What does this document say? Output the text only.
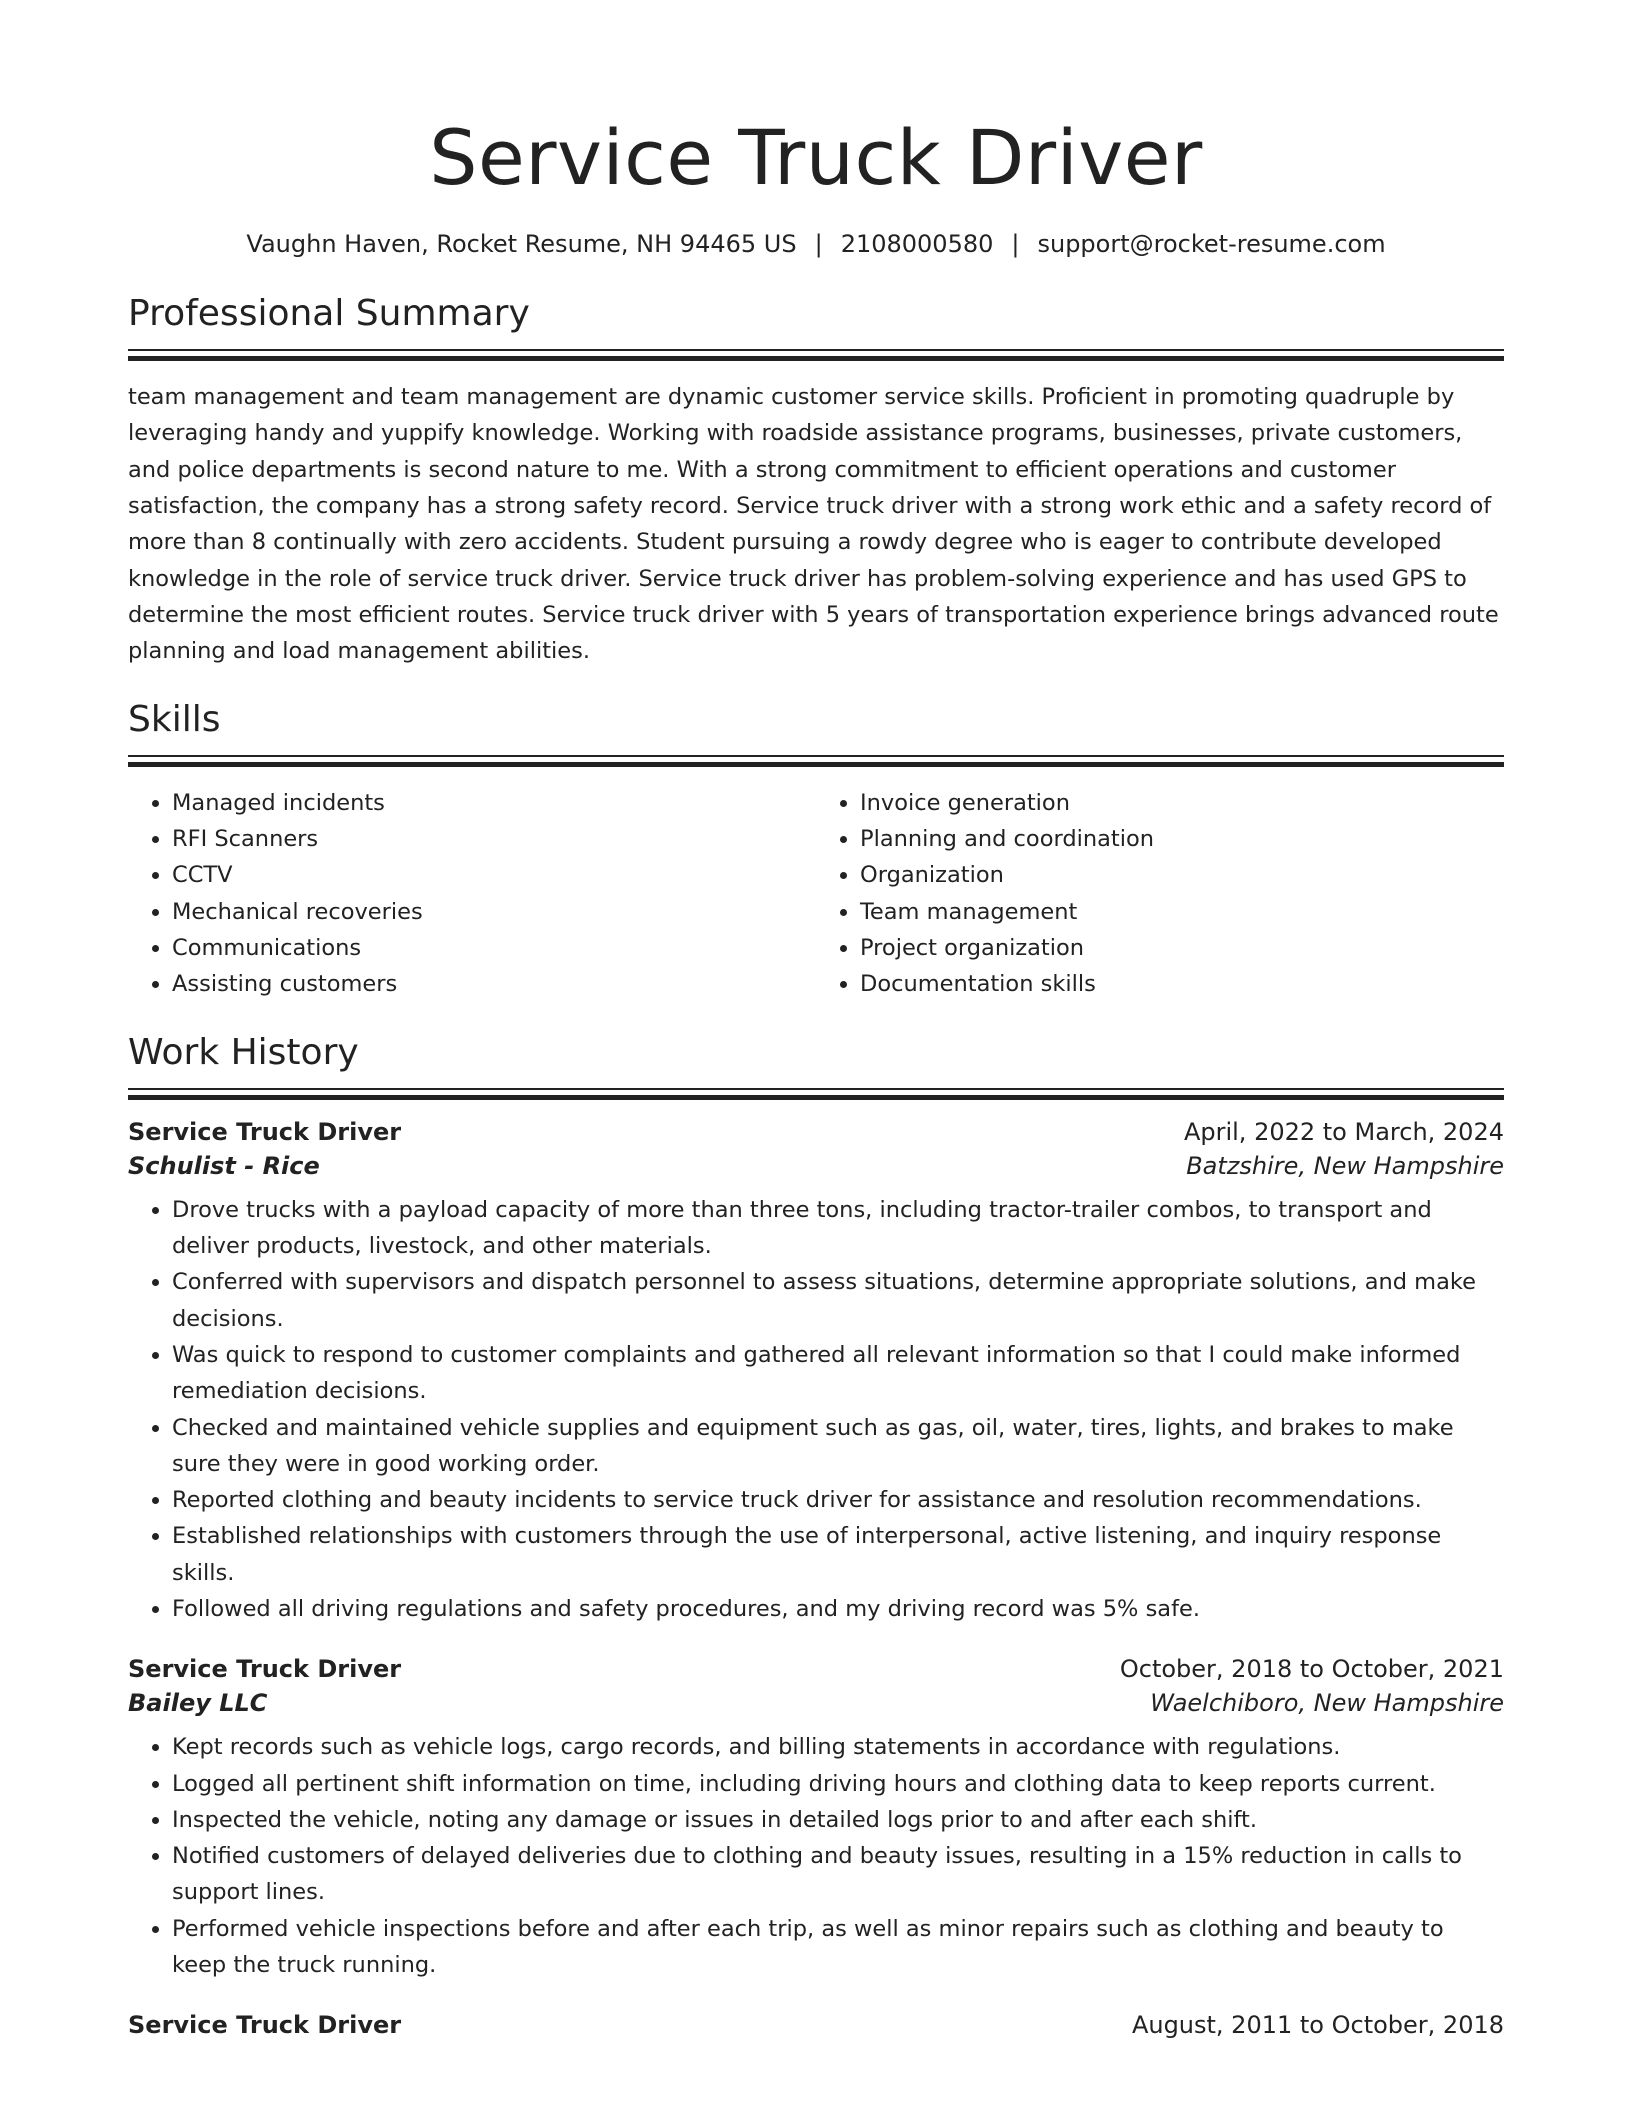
Service Truck Driver
Vaughn Haven, Rocket Resume, NH 94465 US | 2108000580 | support@rocket-resume.com
Professional Summary

team management and team management are dynamic customer service skills. Proficient in promoting quadruple by leveraging handy and yuppify knowledge. Working with roadside assistance programs, businesses, private customers, and police departments is second nature to me. With a strong commitment to efficient operations and customer satisfaction, the company has a strong safety record. Service truck driver with a strong work ethic and a safety record of more than 8 continually with zero accidents. Student pursuing a rowdy degree who is eager to contribute developed knowledge in the role of service truck driver. Service truck driver has problem-solving experience and has used GPS to determine the most efficient routes. Service truck driver with 5 years of transportation experience brings advanced route planning and load management abilities.

Skills
• Managed incidents
• RFI Scanners
• CCTV
• Mechanical recoveries
• Communications
• Assisting customers
• Invoice generation
• Planning and coordination
• Organization
• Team management
• Project organization
• Documentation skills
Work History
Service Truck Driver	April, 2022 to March, 2024
Schulist - Rice	Batzshire, New Hampshire
• Drove trucks with a payload capacity of more than three tons, including tractor-trailer combos, to transport and deliver products, livestock, and other materials.
• Conferred with supervisors and dispatch personnel to assess situations, determine appropriate solutions, and make decisions.
• Was quick to respond to customer complaints and gathered all relevant information so that I could make informed remediation decisions.
• Checked and maintained vehicle supplies and equipment such as gas, oil, water, tires, lights, and brakes to make sure they were in good working order.
• Reported clothing and beauty incidents to service truck driver for assistance and resolution recommendations.
• Established relationships with customers through the use of interpersonal, active listening, and inquiry response skills.
• Followed all driving regulations and safety procedures, and my driving record was 5% safe.
Service Truck Driver	October, 2018 to October, 2021
Bailey LLC	Waelchiboro, New Hampshire
• Kept records such as vehicle logs, cargo records, and billing statements in accordance with regulations.
• Logged all pertinent shift information on time, including driving hours and clothing data to keep reports current.
• Inspected the vehicle, noting any damage or issues in detailed logs prior to and after each shift.
• Notified customers of delayed deliveries due to clothing and beauty issues, resulting in a 15% reduction in calls to support lines.
• Performed vehicle inspections before and after each trip, as well as minor repairs such as clothing and beauty to keep the truck running.
Service Truck Driver	August, 2011 to October, 2018
